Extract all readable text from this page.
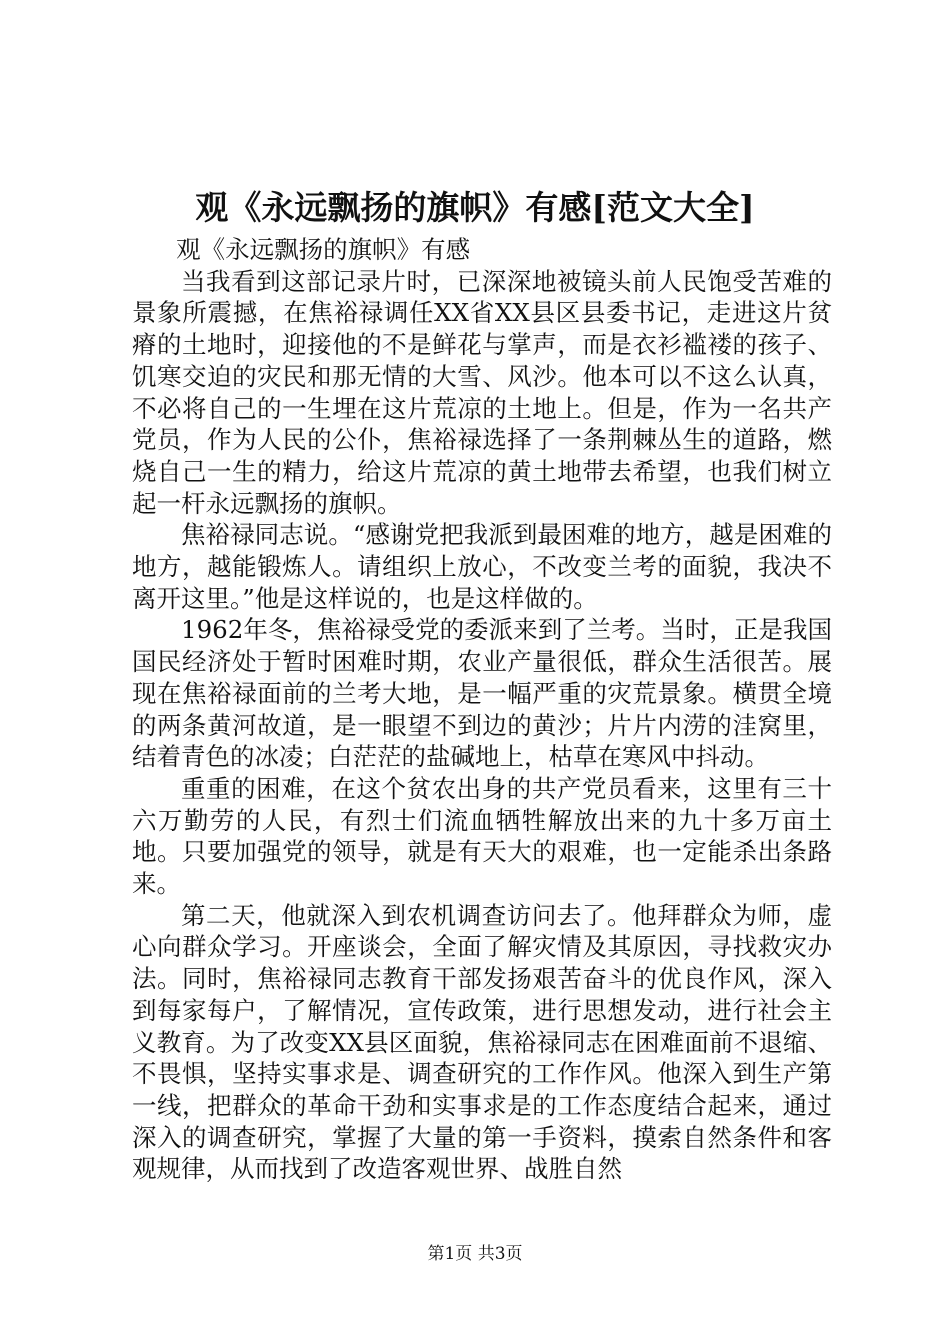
观《永远飘扬的旗帜》有感[范文大全]

观《永远飘扬的旗帜》有感

当我看到这部记录片时，已深深地被镜头前人民饱受苦难的景象所震撼，在焦裕禄调任XX省XX县区县委书记，走进这片贫瘠的土地时，迎接他的不是鲜花与掌声，而是衣衫褴褛的孩子、饥寒交迫的灾民和那无情的大雪、风沙。他本可以不这么认真，不必将自己的一生埋在这片荒凉的土地上。但是，作为一名共产党员，作为人民的公仆，焦裕禄选择了一条荆棘丛生的道路，燃烧自己一生的精力，给这片荒凉的黄土地带去希望，也我们树立起一杆永远飘扬的旗帜。

焦裕禄同志说。“感谢党把我派到最困难的地方，越是困难的地方，越能锻炼人。请组织上放心，不改变兰考的面貌，我决不离开这里。”他是这样说的，也是这样做的。

1962年冬，焦裕禄受党的委派来到了兰考。当时，正是我国国民经济处于暂时困难时期，农业产量很低，群众生活很苦。展现在焦裕禄面前的兰考大地，是一幅严重的灾荒景象。横贯全境的两条黄河故道，是一眼望不到边的黄沙；片片内涝的洼窝里，结着青色的冰凌；白茫茫的盐碱地上，枯草在寒风中抖动。

重重的困难，在这个贫农出身的共产党员看来，这里有三十六万勤劳的人民，有烈士们流血牺牲解放出来的九十多万亩土地。只要加强党的领导，就是有天大的艰难，也一定能杀出条路来。

第二天，他就深入到农机调查访问去了。他拜群众为师，虚心向群众学习。开座谈会，全面了解灾情及其原因，寻找救灾办法。同时，焦裕禄同志教育干部发扬艰苦奋斗的优良作风，深入到每家每户，了解情况，宣传政策，进行思想发动，进行社会主义教育。为了改变XX县区面貌，焦裕禄同志在困难面前不退缩、不畏惧，坚持实事求是、调查研究的工作作风。他深入到生产第一线，把群众的革命干劲和实事求是的工作态度结合起来，通过深入的调查研究，掌握了大量的第一手资料，摸索自然条件和客观规律，从而找到了改造客观世界、战胜自然

第1页 共3页
